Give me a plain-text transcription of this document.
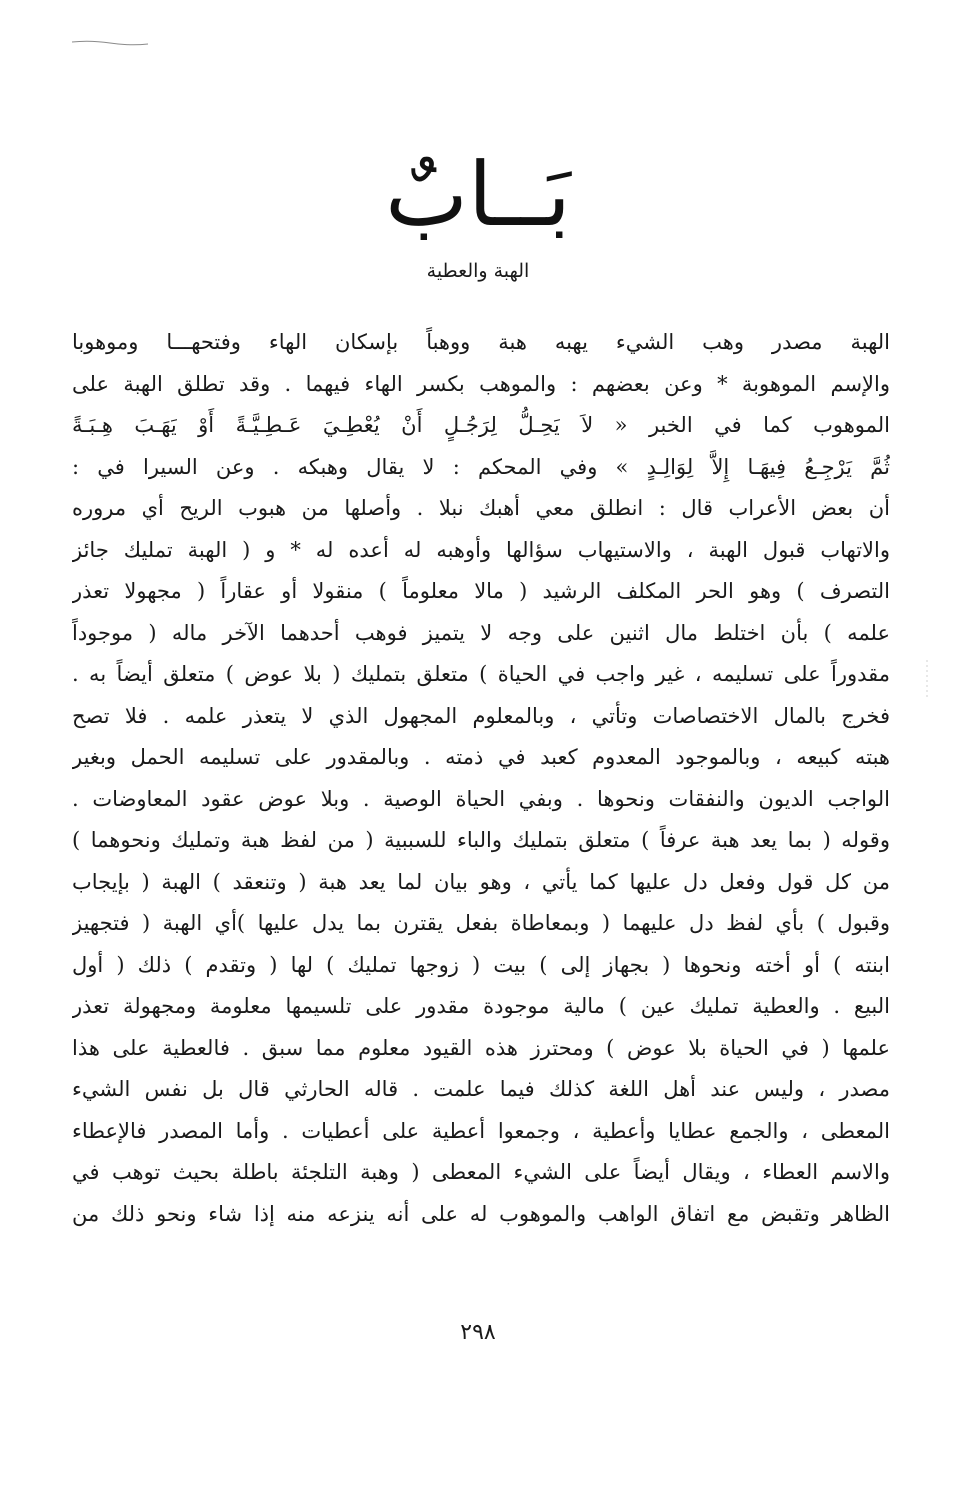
بَــابٌ
الهبة والعطية
الهبة مصدر وهب الشيء يهبه هبة ووهباً بإسكان الهاء وفتحهـــا وموهوبا
والإسم الموهوبة * وعن بعضهم : والموهب بكسر الهاء فيهما . وقد تطلق الهبة على
الموهوب كما في الخبر « لاَ يَحِـلُّ لِرَجُـلٍ أَنْ يُعْطِـيَ عَـطِـيَّـةً أَوْ يَهَـبَ هِـبَـةً
ثُمَّ يَرْجِـعُ فِيهَـا إِلاَّ لِوَالِـدٍ » وفي المحكم : لا يقال وهبكه . وعن السيرا في :
أن بعض الأعراب قال : انطلق معي أهبك نبلا . وأصلها من هبوب الريح أي مروره
والاتهاب قبول الهبة ، والاستيهاب سؤالها وأوهبه له أعده له * و ( الهبة تمليك جائز
التصرف ) وهو الحر المكلف الرشيد ( مالا معلوماً ) منقولا أو عقاراً ( مجهولا تعذر
علمه ) بأن اختلط مال اثنين على وجه لا يتميز فوهب أحدهما الآخر ماله ( موجوداً
مقدوراً على تسليمه ، غير واجب في الحياة ) متعلق بتمليك ( بلا عوض ) متعلق أيضاً به .
فخرج بالمال الاختصاصات وتأتي ، وبالمعلوم المجهول الذي لا يتعذر علمه . فلا تصح
هبته كبيعه ، وبالموجود المعدوم كعبد في ذمته . وبالمقدور على تسليمه الحمل وبغير
الواجب الديون والنفقات ونحوها . وبفي الحياة الوصية . وبلا عوض عقود المعاوضات .
وقوله ( بما يعد هبة عرفاً ) متعلق بتمليك والباء للسببية ( من لفظ هبة وتمليك ونحوهما )
من كل قول وفعل دل عليها كما يأتي ، وهو بيان لما يعد هبة ( وتنعقد ) الهبة ( بإيجاب
وقبول ) بأي لفظ دل عليهما ( وبمعاطاة بفعل يقترن بما يدل عليها )أي الهبة ( فتجهيز
ابنته ) أو أخته ونحوها ( بجهاز إلى ) بيت ( زوجها تمليك ) لها ( وتقدم ) ذلك ( أول
البيع . والعطية تمليك عين ) مالية موجودة مقدور على تلسيمها معلومة ومجهولة تعذر
علمها ( في الحياة بلا عوض ) ومحترز هذه القيود معلوم مما سبق . فالعطية على هذا
مصدر ، وليس عند أهل اللغة كذلك فيما علمت . قاله الحارثي قال بل نفس الشيء
المعطى ، والجمع عطايا وأعطية ، وجمعوا أعطية على أعطيات . وأما المصدر فالإعطاء
والاسم العطاء ، ويقال أيضاً على الشيء المعطى ( وهبة التلجئة باطلة بحيث توهب في
الظاهر وتقبض مع اتفاق الواهب والموهوب له على أنه ينزعه منه إذا شاء ونحو ذلك من
٢٩٨
